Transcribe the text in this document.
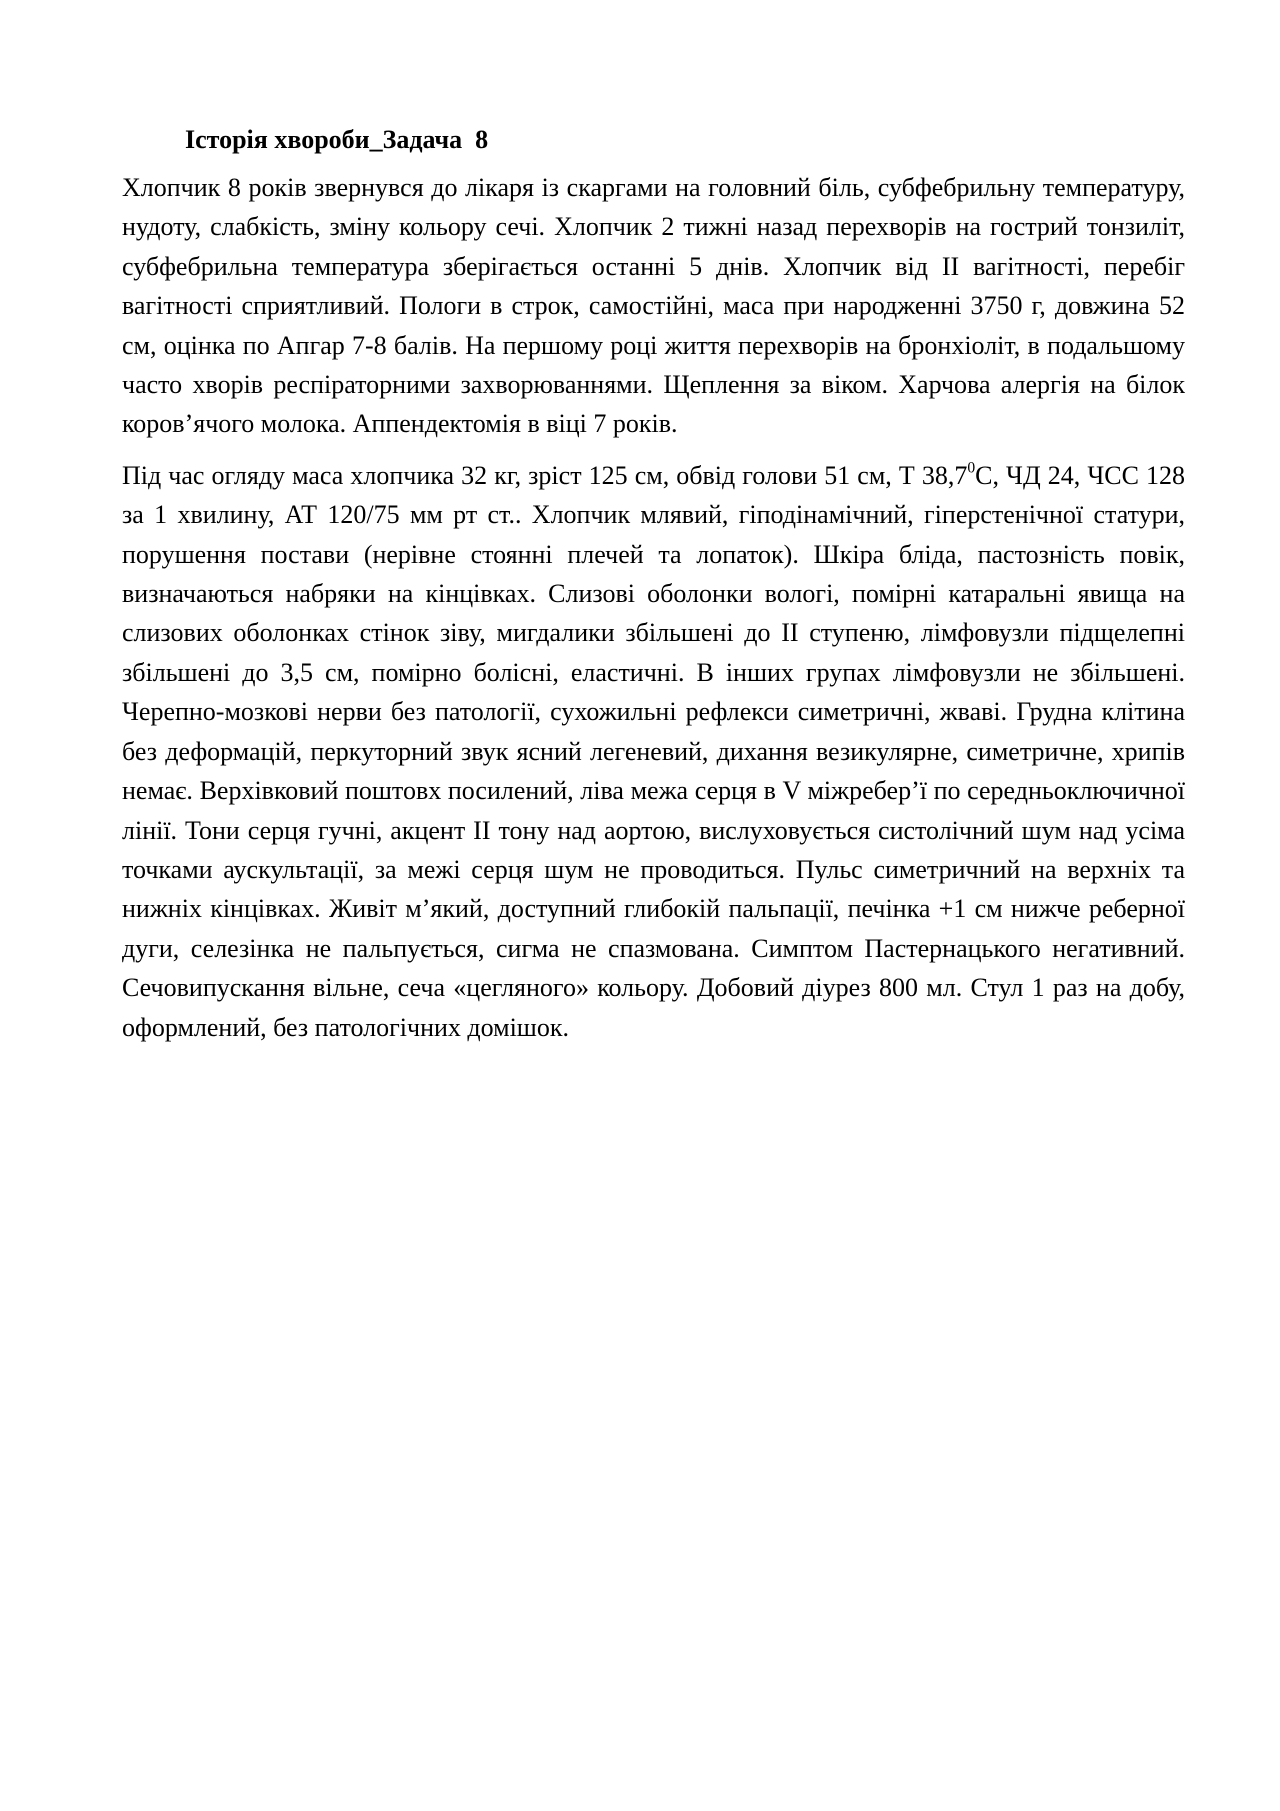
Історія хвороби_Задача  8

Хлопчик 8 років звернувся до лікаря із скаргами на головний біль, субфебрильну температуру, нудоту, слабкість, зміну кольору сечі. Хлопчик 2 тижні назад перехворів на гострий тонзиліт, субфебрильна температура зберігається останні 5 днів. Хлопчик від ІІ вагітності, перебіг вагітності сприятливий. Пологи в строк, самостійні, маса при народженні 3750 г, довжина 52 см, оцінка по Апгар 7-8 балів. На першому році життя перехворів на бронхіоліт, в подальшому часто хворів респіраторними захворюваннями. Щеплення за віком. Харчова алергія на білок коров’ячого молока. Аппендектомія в віці 7 років.

Під час огляду маса хлопчика 32 кг, зріст 125 см, обвід голови 51 см, Т 38,7$^0$С, ЧД 24, ЧСС 128 за 1 хвилину, АТ 120/75 мм рт ст.. Хлопчик млявий, гіподінамічний, гіперстенічної статури, порушення постави (нерівне стоянні плечей та лопаток). Шкіра бліда, пастозність повік, визначаються набряки на кінцівках. Слизові оболонки вологі, помірні катаральні явища на слизових оболонках стінок зіву, мигдалики збільшені до ІІ ступеню, лімфовузли підщелепні збільшені до 3,5 см, помірно болісні, еластичні. В інших групах лімфовузли не збільшені. Черепно-мозкові нерви без патології, сухожильні рефлекси симетричні, жваві. Грудна клітина без деформацій, перкуторний звук ясний легеневий, дихання везикулярне, симетричне, хрипів немає. Верхівковий поштовх посилений, ліва межа серця в V міжребер’ї по середньоключичної лінії. Тони серця гучні, акцент ІІ тону над аортою, вислуховується систолічний шум над усіма точками аускультації, за межі серця шум не проводиться. Пульс симетричний на верхніх та нижніх кінцівках. Живіт м’який, доступний глибокій пальпації, печінка +1 см нижче реберної дуги, селезінка не пальпується, сигма не спазмована. Симптом Пастернацького негативний. Сечовипускання вільне, сеча «цегляного» кольору. Добовий діурез 800 мл. Стул 1 раз на добу, оформлений, без патологічних домішок.
